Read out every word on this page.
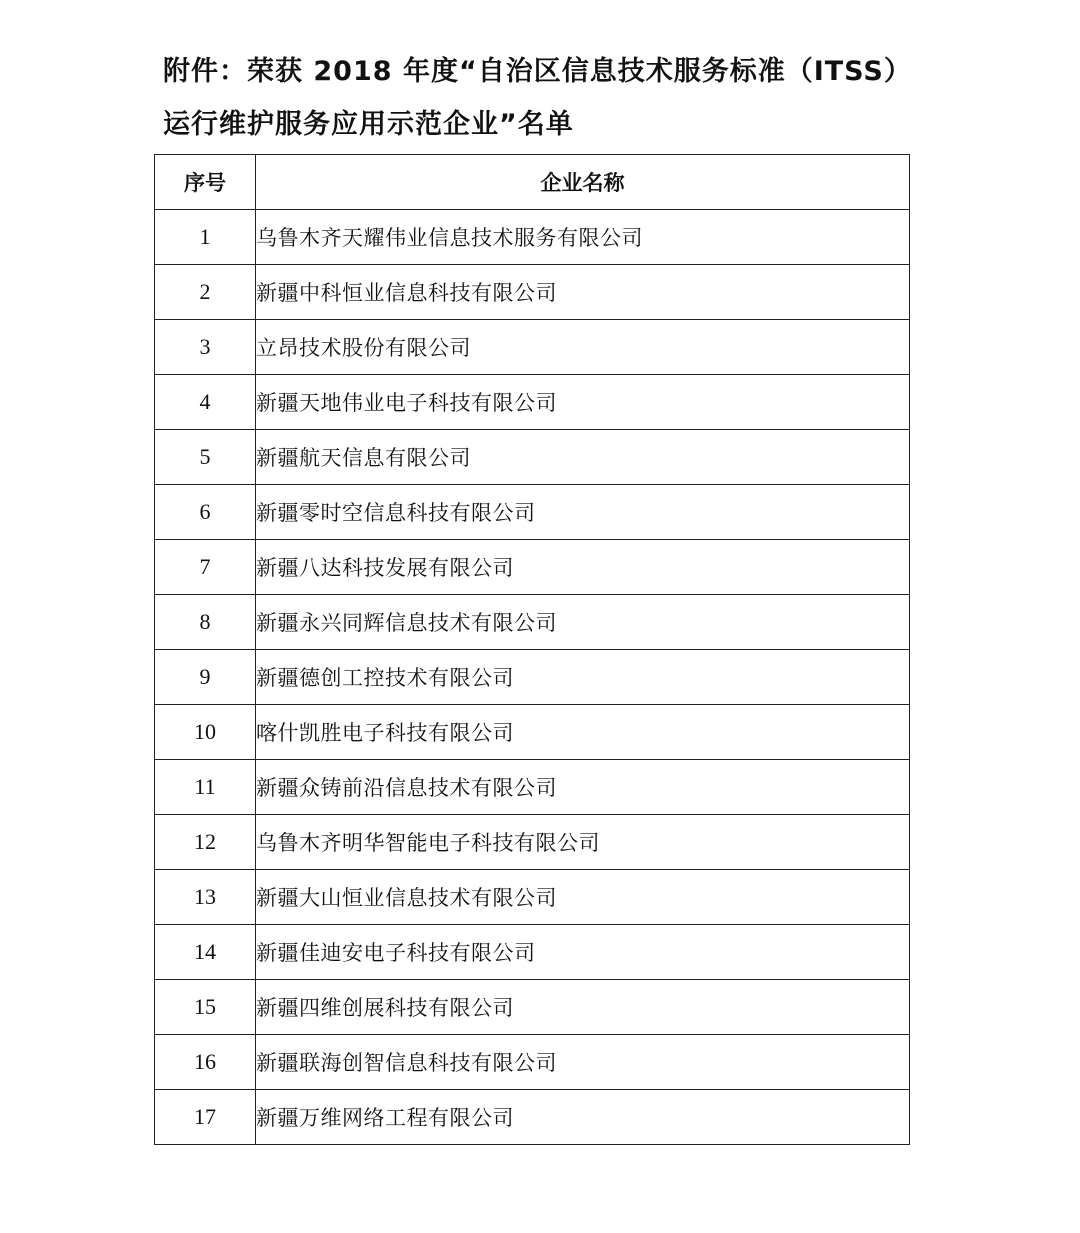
附件：荣获 2018 年度“自治区信息技术服务标准（ITSS）

运行维护服务应用示范企业”名单

序号	企业名称
1	乌鲁木齐天耀伟业信息技术服务有限公司
2	新疆中科恒业信息科技有限公司
3	立昂技术股份有限公司
4	新疆天地伟业电子科技有限公司
5	新疆航天信息有限公司
6	新疆零时空信息科技有限公司
7	新疆八达科技发展有限公司
8	新疆永兴同辉信息技术有限公司
9	新疆德创工控技术有限公司
10	喀什凯胜电子科技有限公司
11	新疆众铸前沿信息技术有限公司
12	乌鲁木齐明华智能电子科技有限公司
13	新疆大山恒业信息技术有限公司
14	新疆佳迪安电子科技有限公司
15	新疆四维创展科技有限公司
16	新疆联海创智信息科技有限公司
17	新疆万维网络工程有限公司
